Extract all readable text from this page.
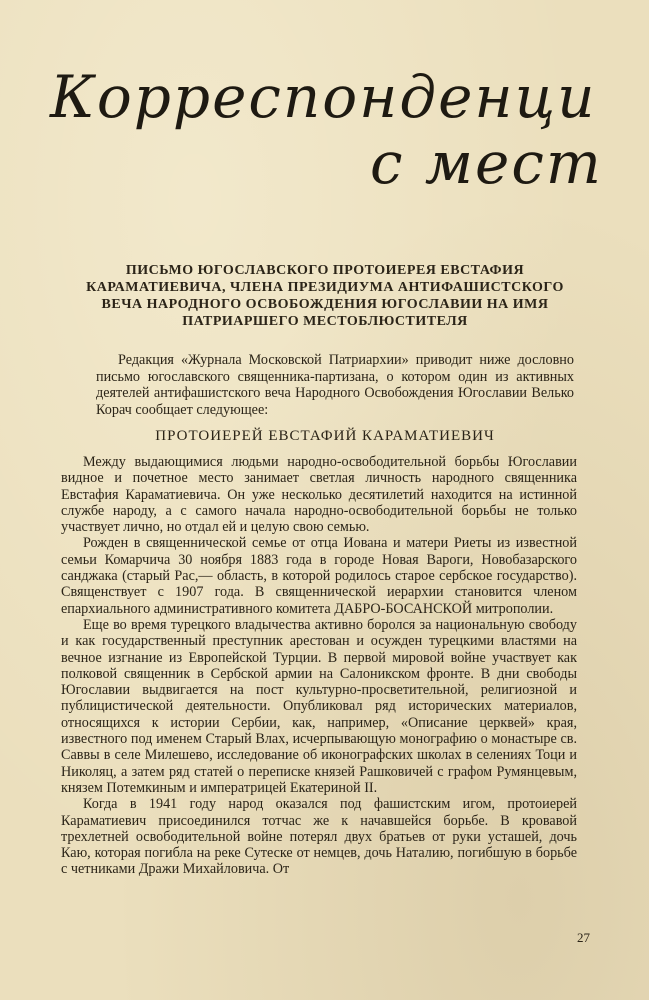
Корреспонденции
с мест
ПИСЬМО ЮГОСЛАВСКОГО ПРОТОИЕРЕЯ ЕВСТАФИЯ КАРАМАТИЕВИЧА, ЧЛЕНА ПРЕЗИДИУМА АНТИФАШИСТСКОГО ВЕЧА НАРОДНОГО ОСВОБОЖДЕНИЯ ЮГОСЛАВИИ НА ИМЯ ПАТРИАРШЕГО МЕСТОБЛЮСТИТЕЛЯ

Редакция «Журнала Московской Патриархии» приводит ниже дословно письмо югославского священника-партизана, о котором один из активных деятелей антифашистского веча Народного Освобождения Югославии Велько Корач сообщает следующее:

ПРОТОИЕРЕЙ ЕВСТАФИЙ КАРАМАТИЕВИЧ

Между выдающимися людьми народно-освободительной борьбы Югославии видное и почетное место занимает светлая личность народного священника Евстафия Караматиевича. Он уже несколько десятилетий находится на истинной службе народу, а с самого начала народно-освободительной борьбы не только участвует лично, но отдал ей и целую свою семью.

Рожден в священнической семье от отца Иована и матери Риеты из известной семьи Комарчича 30 ноября 1883 года в городе Новая Вароги, Новобазарского санджака (старый Рас,— область, в которой родилось старое сербское государство). Священствует с 1907 года. В священнической иерархии становится членом епархиального административного комитета ДАБРО-БОСАНСКОЙ митрополии.

Еще во время турецкого владычества активно боролся за национальную свободу и как государственный преступник арестован и осужден турецкими властями на вечное изгнание из Европейской Турции. В первой мировой войне участвует как полковой священник в Сербской армии на Салоникском фронте. В дни свободы Югославии выдвигается на пост культурно-просветительной, религиозной и публицистической деятельности. Опубликовал ряд исторических материалов, относящихся к истории Сербии, как, например, «Описание церквей» края, известного под именем Старый Влах, исчерпывающую монографию о монастыре св. Саввы в селе Милешево, исследование об иконографских школах в селениях Тоци и Николяц, а затем ряд статей о переписке князей Рашковичей с графом Румянцевым, князем Потемкиным и императрицей Екатериной II.

Когда в 1941 году народ оказался под фашистским игом, протоиерей Караматиевич присоединился тотчас же к начавшейся борьбе. В кровавой трехлетней освободительной войне потерял двух братьев от руки усташей, дочь Каю, которая погибла на реке Сутеске от немцев, дочь Наталию, погибшую в борьбе с четниками Дражи Михайловича. От

27
